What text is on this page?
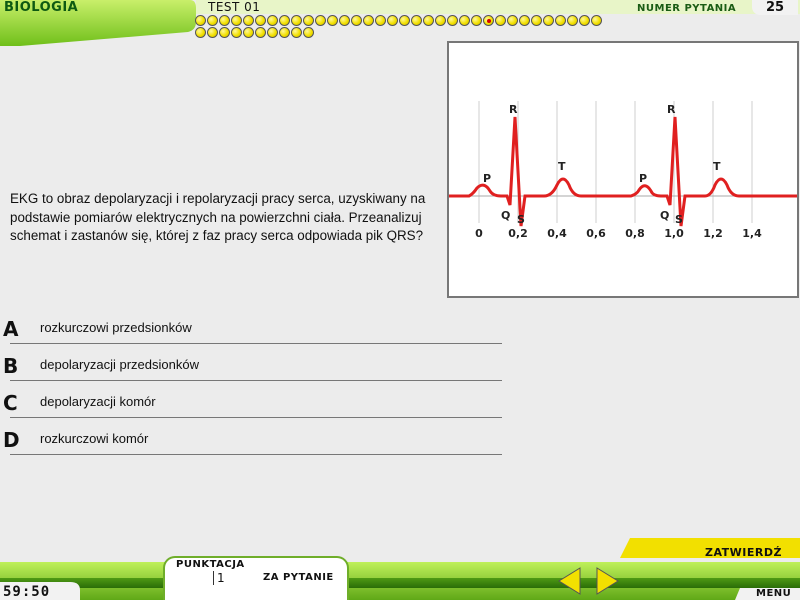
BIOLOGIA	TEST 01	NUMER PYTANIA	25
EKG to obraz depolaryzacji i repolaryzacji pracy serca, uzyskiwany na podstawie pomiarów elektrycznych na powierzchni ciała. Przeanalizuj schemat i zastanów się, której z faz pracy serca odpowiada pik QRS?
P
Q
R
S
T
P
Q
R
S
T
0 0,2 0,4 0,6 0,8 1,0 1,2 1,4
A	rozkurczowi przedsionków
B	depolaryzacji przedsionków
C	depolaryzacji komór
D	rozkurczowi komór
ZATWIERDŹ
PUNKTACJA
1	ZA PYTANIE
59:50	MENU
